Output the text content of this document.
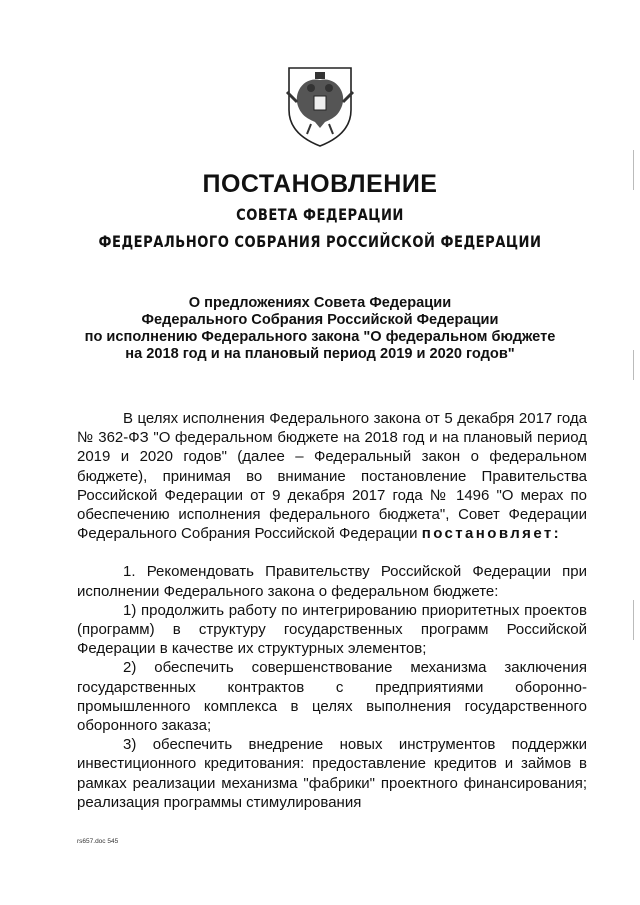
ПОСТАНОВЛЕНИЕ
СОВЕТА ФЕДЕРАЦИИ
ФЕДЕРАЛЬНОГО СОБРАНИЯ РОССИЙСКОЙ ФЕДЕРАЦИИ
О предложениях Совета Федерации
Федерального Собрания Российской Федерации
по исполнению Федерального закона "О федеральном бюджете
на 2018 год и на плановый период 2019 и 2020 годов"

В целях исполнения Федерального закона от 5 декабря 2017 года № 362-ФЗ "О федеральном бюджете на 2018 год и на плановый период 2019 и 2020 годов" (далее – Федеральный закон о федеральном бюджете), принимая во внимание постановление Правительства Российской Федерации от 9 декабря 2017 года № 1496 "О мерах по обеспечению исполнения федерального бюджета", Совет Федерации Федерального Собрания Российской Федерации постановляет:

1. Рекомендовать Правительству Российской Федерации при исполнении Федерального закона о федеральном бюджете:

1) продолжить работу по интегрированию приоритетных проектов (программ) в структуру государственных программ Российской Федерации в качестве их структурных элементов;

2) обеспечить совершенствование механизма заключения государственных контрактов с предприятиями оборонно-промышленного комплекса в целях выполнения государственного оборонного заказа;

3) обеспечить внедрение новых инструментов поддержки инвестиционного кредитования: предоставление кредитов и займов в рамках реализации механизма "фабрики" проектного финансирования; реализация программы стимулирования

rs657.doc 545
